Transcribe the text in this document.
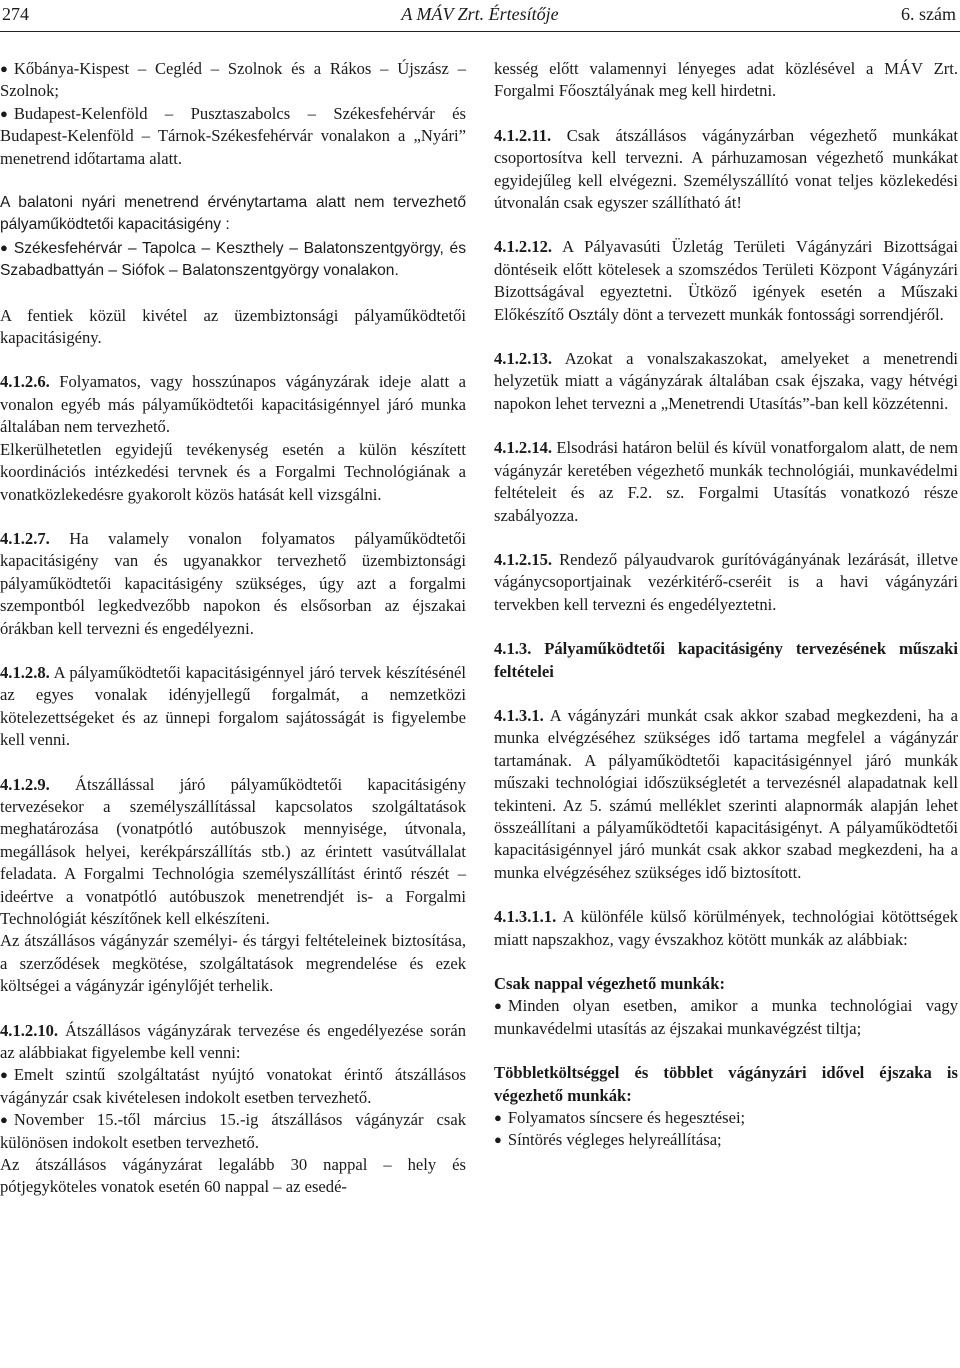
274	A MÁV Zrt. Értesítője	6. szám

● Kőbánya-Kispest – Cegléd – Szolnok és a Rákos – Újszász – Szolnok;

● Budapest-Kelenföld – Pusztaszabolcs – Székesfehérvár és Budapest-Kelenföld – Tárnok-Székesfehérvár vonalakon a „Nyári” menetrend időtartama alatt.

A balatoni nyári menetrend érvénytartama alatt nem tervezhető pályaműködtetői kapacitásigény :

● Székesfehérvár – Tapolca – Keszthely – Balatonszentgyörgy, és Szabadbattyán – Siófok – Balatonszentgyörgy vonalakon.

A fentiek közül kivétel az üzembiztonsági pályaműködtetői kapacitásigény.

4.1.2.6. Folyamatos, vagy hosszúnapos vágányzárak ideje alatt a vonalon egyéb más pályaműködtetői kapacitásigénnyel járó munka általában nem tervezhető.

Elkerülhetetlen egyidejű tevékenység esetén a külön készített koordinációs intézkedési tervnek és a Forgalmi Technológiának a vonatközlekedésre gyakorolt közös hatását kell vizsgálni.

4.1.2.7. Ha valamely vonalon folyamatos pályaműködtetői kapacitásigény van és ugyanakkor tervezhető üzembiztonsági pályaműködtetői kapacitásigény szükséges, úgy azt a forgalmi szempontból legkedvezőbb napokon és elsősorban az éjszakai órákban kell tervezni és engedélyezni.

4.1.2.8. A pályaműködtetői kapacitásigénnyel járó tervek készítésénél az egyes vonalak idényjellegű forgalmát, a nemzetközi kötelezettségeket és az ünnepi forgalom sajátosságát is figyelembe kell venni.

4.1.2.9. Átszállással járó pályaműködtetői kapacitásigény tervezésekor a személyszállítással kapcsolatos szolgáltatások meghatározása (vonatpótló autóbuszok mennyisége, útvonala, megállások helyei, kerékpárszállítás stb.) az érintett vasútvállalat feladata. A Forgalmi Technológia személyszállítást érintő részét –ideértve a vonatpótló autóbuszok menetrendjét is- a Forgalmi Technológiát készítőnek kell elkészíteni.

Az átszállásos vágányzár személyi- és tárgyi feltételeinek biztosítása, a szerződések megkötése, szolgáltatások megrendelése és ezek költségei a vágányzár igénylőjét terhelik.

4.1.2.10. Átszállásos vágányzárak tervezése és engedélyezése során az alábbiakat figyelembe kell venni:

● Emelt szintű szolgáltatást nyújtó vonatokat érintő átszállásos vágányzár csak kivételesen indokolt esetben tervezhető.

● November 15.-től március 15.-ig átszállásos vágányzár csak különösen indokolt esetben tervezhető.

Az átszállásos vágányzárat legalább 30 nappal – hely és pótjegyköteles vonatok esetén 60 nappal – az esedé-

kesség előtt valamennyi lényeges adat közlésével a MÁV Zrt. Forgalmi Főosztályának meg kell hirdetni.

4.1.2.11. Csak átszállásos vágányzárban végezhető munkákat csoportosítva kell tervezni. A párhuzamosan végezhető munkákat egyidejűleg kell elvégezni. Személyszállító vonat teljes közlekedési útvonalán csak egyszer szállítható át!

4.1.2.12. A Pályavasúti Üzletág Területi Vágányzári Bizottságai döntéseik előtt kötelesek a szomszédos Területi Központ Vágányzári Bizottságával egyeztetni. Ütköző igények esetén a Műszaki Előkészítő Osztály dönt a tervezett munkák fontossági sorrendjéről.

4.1.2.13. Azokat a vonalszakaszokat, amelyeket a menetrendi helyzetük miatt a vágányzárak általában csak éjszaka, vagy hétvégi napokon lehet tervezni a „Menetrendi Utasítás”-ban kell közzétenni.

4.1.2.14. Elsodrási határon belül és kívül vonatforgalom alatt, de nem vágányzár keretében végezhető munkák technológiái, munkavédelmi feltételeit és az F.2. sz. Forgalmi Utasítás vonatkozó része szabályozza.

4.1.2.15. Rendező pályaudvarok gurítóvágányának lezárását, illetve vágánycsoportjainak vezérkitérő-cseréit is a havi vágányzári tervekben kell tervezni és engedélyeztetni.

4.1.3. Pályaműködtetői kapacitásigény tervezésének műszaki feltételei

4.1.3.1. A vágányzári munkát csak akkor szabad megkezdeni, ha a munka elvégzéséhez szükséges idő tartama megfelel a vágányzár tartamának. A pályaműködtetői kapacitásigénnyel járó munkák műszaki technológiai időszükségletét a tervezésnél alapadatnak kell tekinteni. Az 5. számú melléklet szerinti alapnormák alapján lehet összeállítani a pályaműködtetői kapacitásigényt. A pályaműködtetői kapacitásigénnyel járó munkát csak akkor szabad megkezdeni, ha a munka elvégzéséhez szükséges idő biztosított.

4.1.3.1.1. A különféle külső körülmények, technológiai kötöttségek miatt napszakhoz, vagy évszakhoz kötött munkák az alábbiak:

Csak nappal végezhető munkák:

● Minden olyan esetben, amikor a munka technológiai vagy munkavédelmi utasítás az éjszakai munkavégzést tiltja;

Többletköltséggel és többlet vágányzári idővel éjszaka is végezhető munkák:

● Folyamatos síncsere és hegesztései;

● Síntörés végleges helyreállítása;
